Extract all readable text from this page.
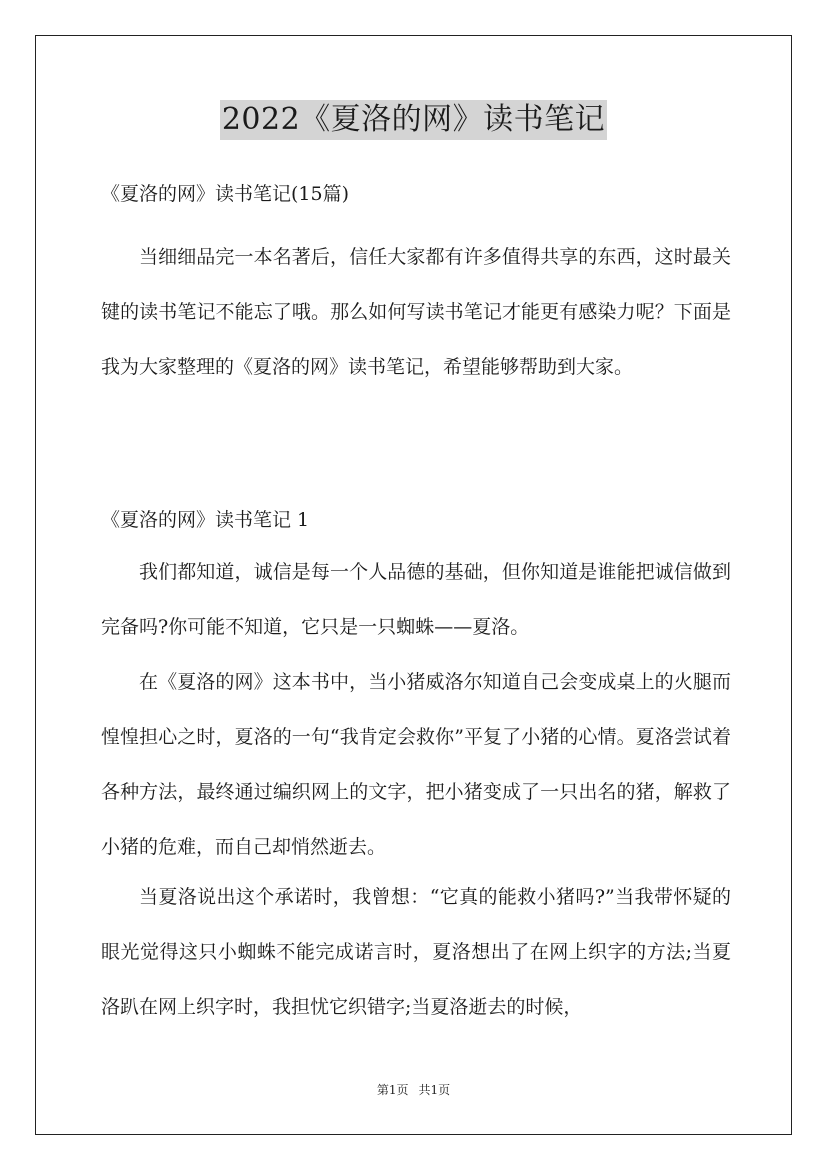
2022《夏洛的网》读书笔记
《夏洛的网》读书笔记(15篇)

当细细品完一本名著后，信任大家都有许多值得共享的东西，这时最关键的读书笔记不能忘了哦。那么如何写读书笔记才能更有感染力呢？下面是我为大家整理的《夏洛的网》读书笔记，希望能够帮助到大家。

《夏洛的网》读书笔记 1

我们都知道，诚信是每一个人品德的基础，但你知道是谁能把诚信做到完备吗?你可能不知道，它只是一只蜘蛛——夏洛。

在《夏洛的网》这本书中，当小猪威洛尔知道自己会变成桌上的火腿而惶惶担心之时，夏洛的一句“我肯定会救你”平复了小猪的心情。夏洛尝试着各种方法，最终通过编织网上的文字，把小猪变成了一只出名的猪，解救了小猪的危难，而自己却悄然逝去。

当夏洛说出这个承诺时，我曾想：“它真的能救小猪吗?”当我带怀疑的眼光觉得这只小蜘蛛不能完成诺言时，夏洛想出了在网上织字的方法;当夏洛趴在网上织字时，我担忧它织错字;当夏洛逝去的时候，

第1页 共1页
